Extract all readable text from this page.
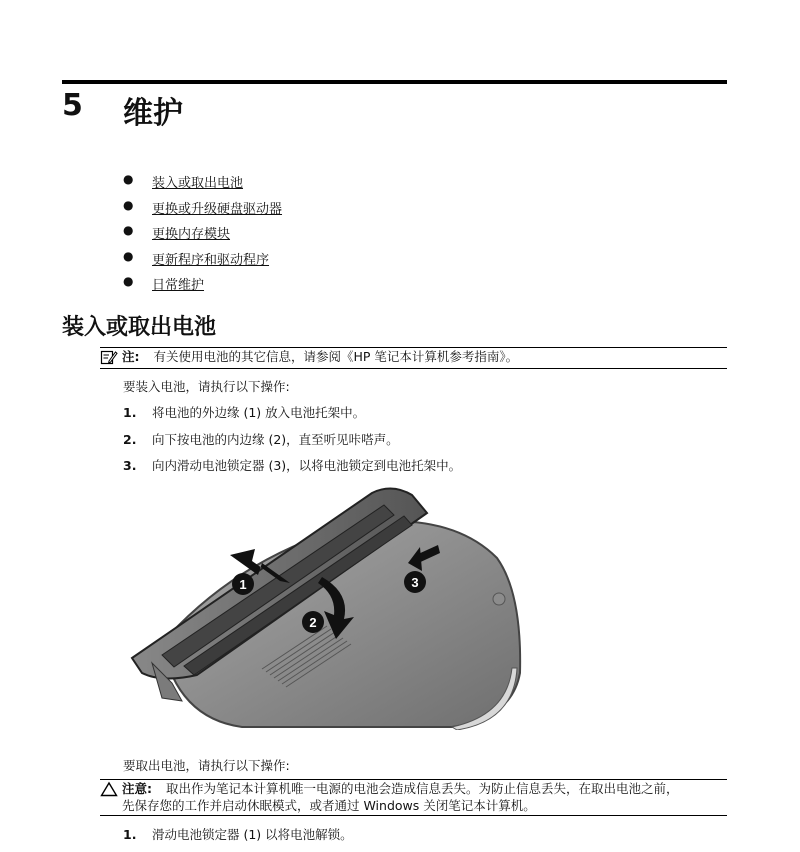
5 维护
● 装入或取出电池
● 更换或升级硬盘驱动器
● 更换内存模块
● 更新程序和驱动程序
● 日常维护
装入或取出电池
注: 有关使用电池的其它信息，请参阅《HP 笔记本计算机参考指南》。
要装入电池，请执行以下操作:
1. 将电池的外边缘 (1) 放入电池托架中。
2. 向下按电池的内边缘 (2)，直至听见咔嗒声。
3. 向内滑动电池锁定器 (3)，以将电池锁定到电池托架中。
1
2
3
要取出电池，请执行以下操作:
注意: 取出作为笔记本计算机唯一电源的电池会造成信息丢失。为防止信息丢失，在取出电池之前，
先保存您的工作并启动休眠模式，或者通过 Windows 关闭笔记本计算机。
1. 滑动电池锁定器 (1) 以将电池解锁。
